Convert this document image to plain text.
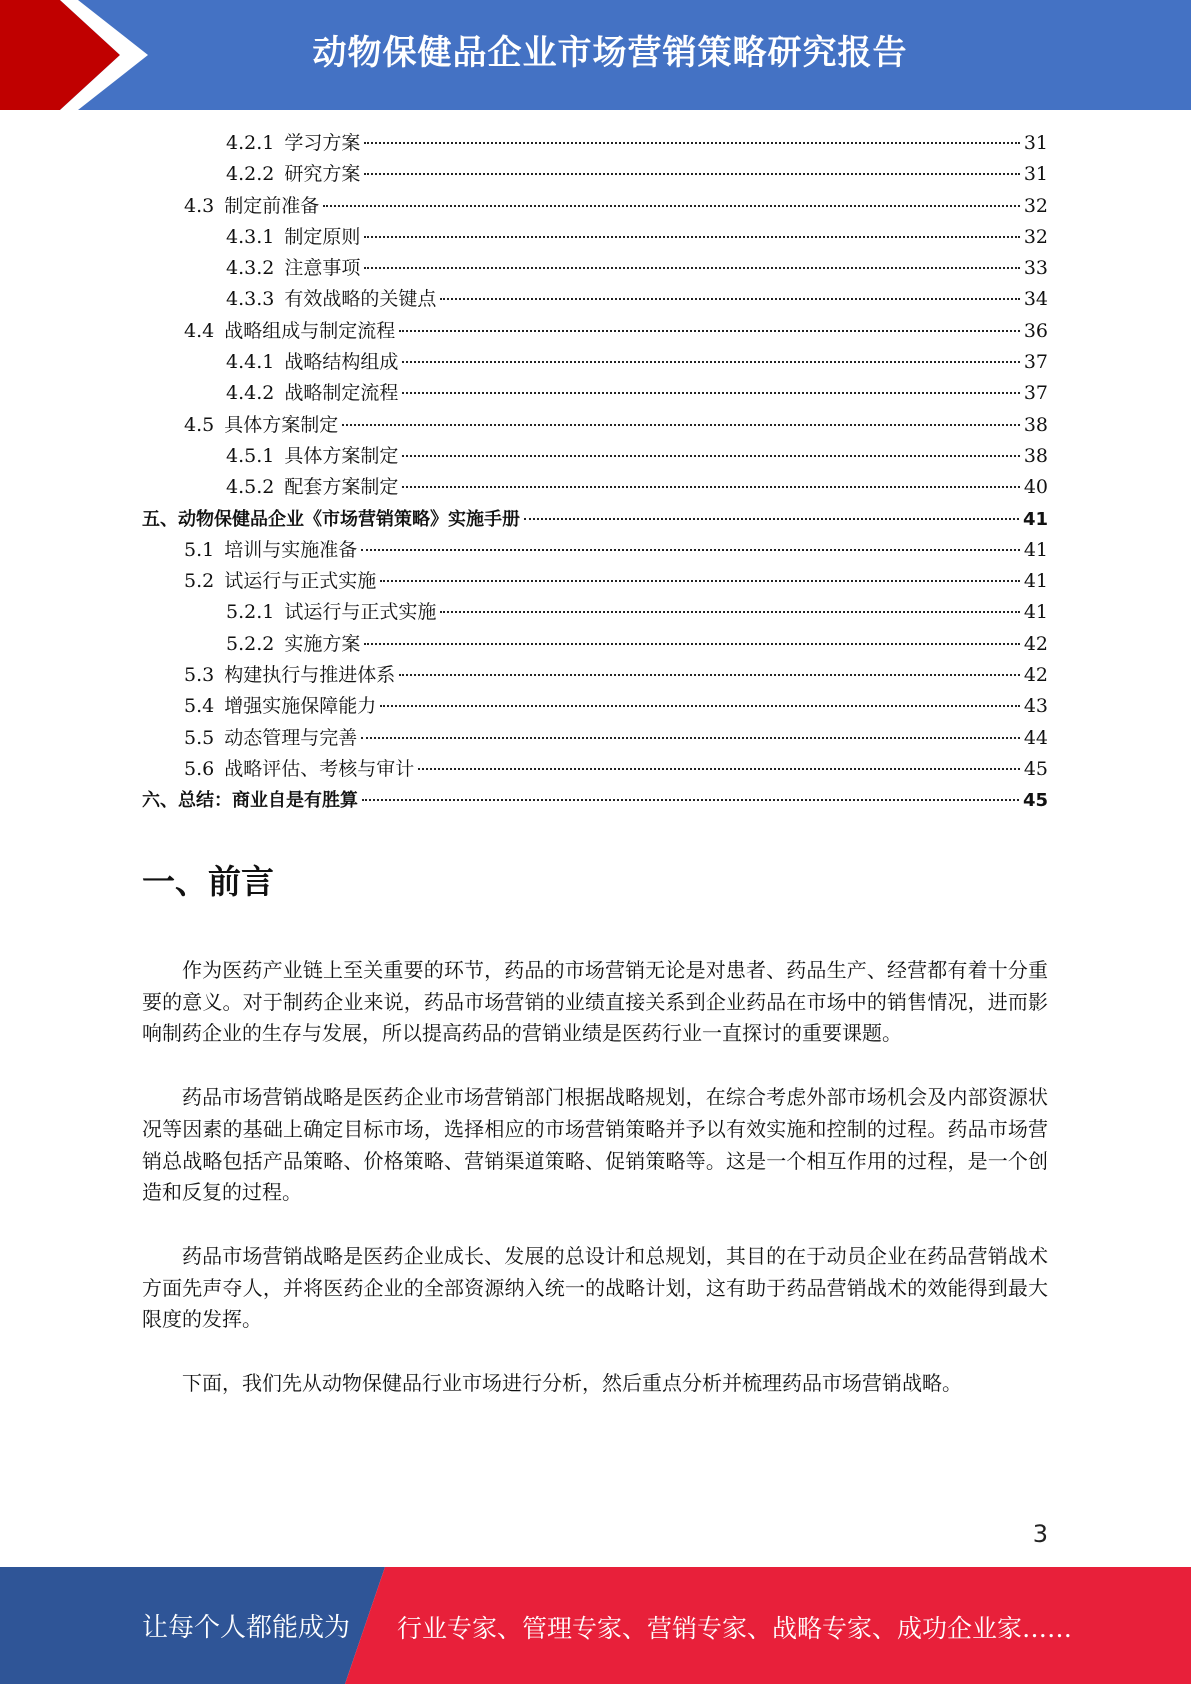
动物保健品企业市场营销策略研究报告
4.2.1 学习方案	31
4.2.2 研究方案	31
4.3 制定前准备	32
4.3.1 制定原则	32
4.3.2 注意事项	33
4.3.3 有效战略的关键点	34
4.4 战略组成与制定流程	36
4.4.1 战略结构组成	37
4.4.2 战略制定流程	37
4.5 具体方案制定	38
4.5.1 具体方案制定	38
4.5.2 配套方案制定	40
五、 动物保健品企业《市场营销策略》实施手册	41
5.1 培训与实施准备	41
5.2 试运行与正式实施	41
5.2.1 试运行与正式实施	41
5.2.2 实施方案	42
5.3 构建执行与推进体系	42
5.4 增强实施保障能力	43
5.5 动态管理与完善	44
5.6 战略评估、考核与审计	45
六、 总结：商业自是有胜算	45
一、前言

作为医药产业链上至关重要的环节，药品的市场营销无论是对患者、药品生产、经营都有着十分重要的意义。对于制药企业来说，药品市场营销的业绩直接关系到企业药品在市场中的销售情况，进而影响制药企业的生存与发展，所以提高药品的营销业绩是医药行业一直探讨的重要课题。

药品市场营销战略是医药企业市场营销部门根据战略规划，在综合考虑外部市场机会及内部资源状况等因素的基础上确定目标市场，选择相应的市场营销策略并予以有效实施和控制的过程。药品市场营销总战略包括产品策略、价格策略、营销渠道策略、促销策略等。这是一个相互作用的过程，是一个创造和反复的过程。

药品市场营销战略是医药企业成长、发展的总设计和总规划，其目的在于动员企业在药品营销战术方面先声夺人，并将医药企业的全部资源纳入统一的战略计划，这有助于药品营销战术的效能得到最大限度的发挥。

下面，我们先从动物保健品行业市场进行分析，然后重点分析并梳理药品市场营销战略。

3
让每个人都能成为 行业专家、管理专家、营销专家、战略专家、成功企业家……
